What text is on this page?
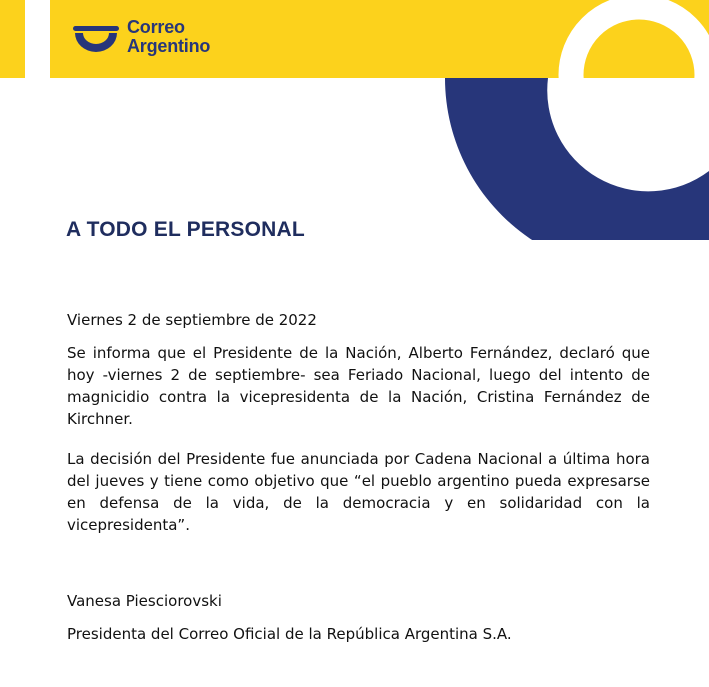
Correo
Argentino
A TODO EL PERSONAL

Viernes 2 de septiembre de 2022

Se informa que el Presidente de la Nación, Alberto Fernández, declaró que hoy -viernes 2 de septiembre- sea Feriado Nacional, luego del intento de magnicidio contra la vicepresidenta de la Nación, Cristina Fernández de Kirchner.

La decisión del Presidente fue anunciada por Cadena Nacional a última hora del jueves y tiene como objetivo que “el pueblo argentino pueda expresarse en defensa de la vida, de la democracia y en solidaridad con la vicepresidenta”.

Vanesa Piesciorovski

Presidenta del Correo Oficial de la República Argentina S.A.
